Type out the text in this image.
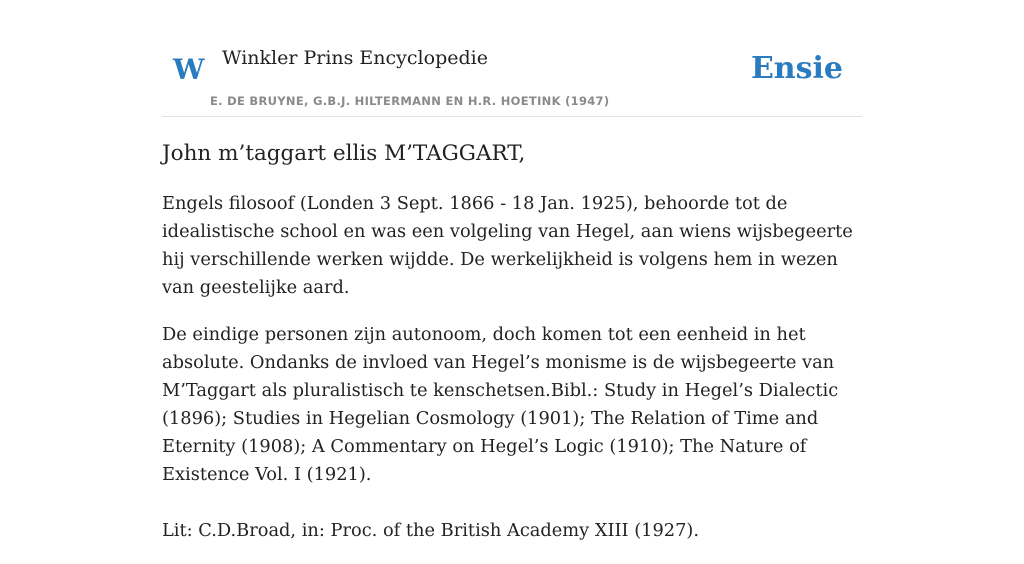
W Winkler Prins Encyclopedie
E. DE BRUYNE, G.B.J. HILTERMANN EN H.R. HOETINK (1947)
Ensie
John m’taggart ellis M’TAGGART,

Engels filosoof (Londen 3 Sept. 1866 - 18 Jan. 1925), behoorde tot de idealistische school en was een volgeling van Hegel, aan wiens wijsbegeerte hij verschillende werken wijdde. De werkelijkheid is volgens hem in wezen van geestelijke aard.

De eindige personen zijn autonoom, doch komen tot een eenheid in het absolute. Ondanks de invloed van Hegel’s monisme is de wijsbegeerte van M’Taggart als pluralistisch te kenschetsen.Bibl.: Study in Hegel’s Dialectic (1896); Studies in Hegelian Cosmology (1901); The Relation of Time and Eternity (1908); A Commentary on Hegel’s Logic (1910); The Nature of Existence Vol. I (1921).

Lit: C.D.Broad, in: Proc. of the British Academy XIII (1927).
